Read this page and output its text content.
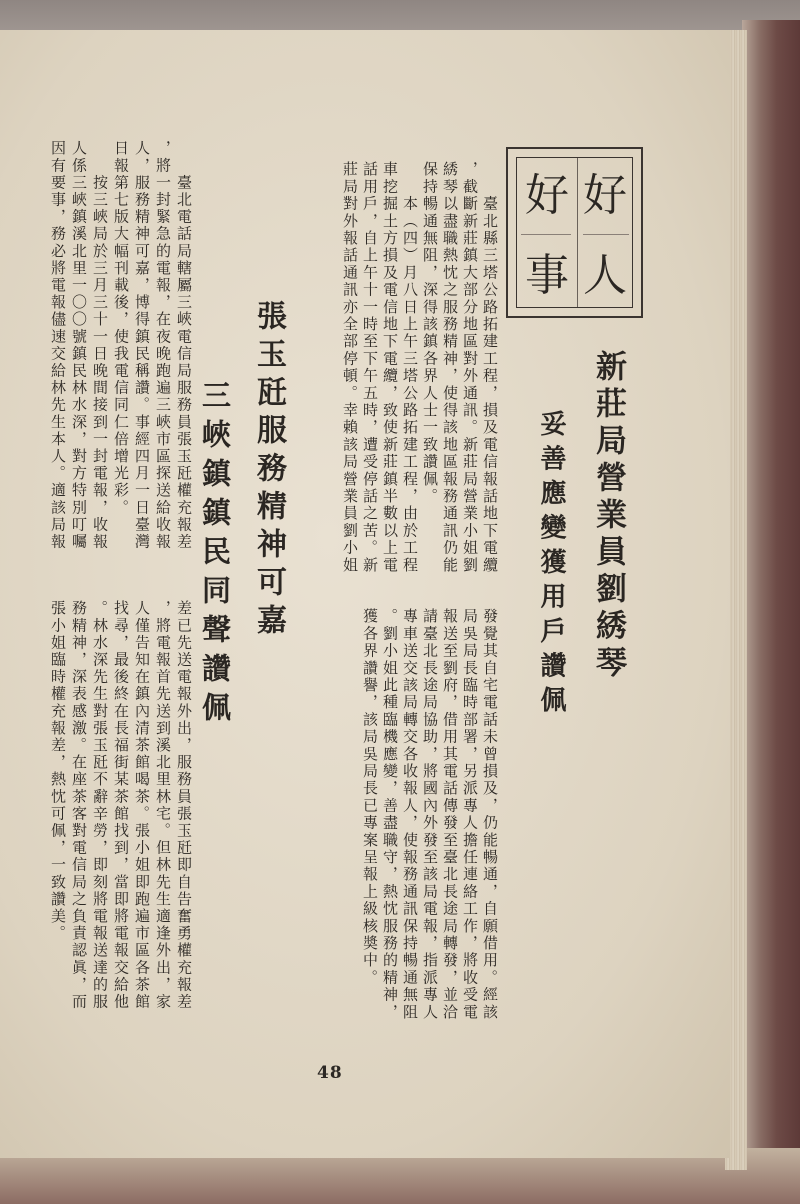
好
人
好
事
新莊局營業員劉綉琴
妥善應變獲用戶讚佩
　　臺北縣三塔公路拓建工程，損及電信報話地下電纜
，截斷新莊鎮大部分地區對外通訊。新莊局營業小姐劉
綉琴以盡職熱忱之服務精神，使得該地區報務通訊仍能
保持暢通無阻，深得該鎮各界人士一致讚佩。
　　本（四）月八日上午三塔公路拓建工程，由於工程
車挖掘土方損及電信地下電纜，致使新莊鎮半數以上電
話用戶，自上午十一時至下午五時，遭受停話之苦。新
莊局對外報話通訊亦全部停頓。幸賴該局營業員劉小姐
發覺其自宅電話未曾損及，仍能暢通，自願借用。經該
局吳局長臨時部署，另派專人擔任連絡工作，將收受電
報送至劉府，借用其電話傳發至臺北長途局轉發，並洽
請臺北長途局協助，將國內外發至該局電報，指派專人
專車送交該局轉交各收報人，使報務通訊保持暢通無阻
。劉小姐此種臨機應變，善盡職守，熱忱服務的精神，
獲各界讚譽，該局吳局長已專案呈報上級核奬中。
張玉瓩服務精神可嘉
三峽鎮鎮民同聲讚佩
　　臺北電話局轄屬三峽電信局服務員張玉瓩權充報差
，將一封緊急的電報，在夜晚跑遍三峽市區探送給收報
人，服務精神可嘉，博得鎮民稱讚。事經四月一日臺灣
日報第七版大幅刊載後，使我電信同仁倍增光彩。
　　按三峽局於三月三十一日晚間接到一封電報，收報
人係三峽鎮溪北里一〇〇號鎮民林水深，對方特別叮囑
因有要事，務必將電報儘速交給林先生本人。適該局報
差已先送電報外出，服務員張玉瓩即自告奮勇權充報差
，將電報首先送到溪北里林宅。但林先生適逢外出，家
人僅告知在鎮內清茶館喝茶。張小姐即跑遍市區各茶館
找尋，最後終在長福街某茶館找到，當即將電報交給他
。林水深先生對張玉瓩不辭辛勞，即刻將電報送達的服
務精神，深表感激。在座茶客對電信局之負責認眞，而
張小姐臨時權充報差，熱忱可佩，一致讚美。
48
